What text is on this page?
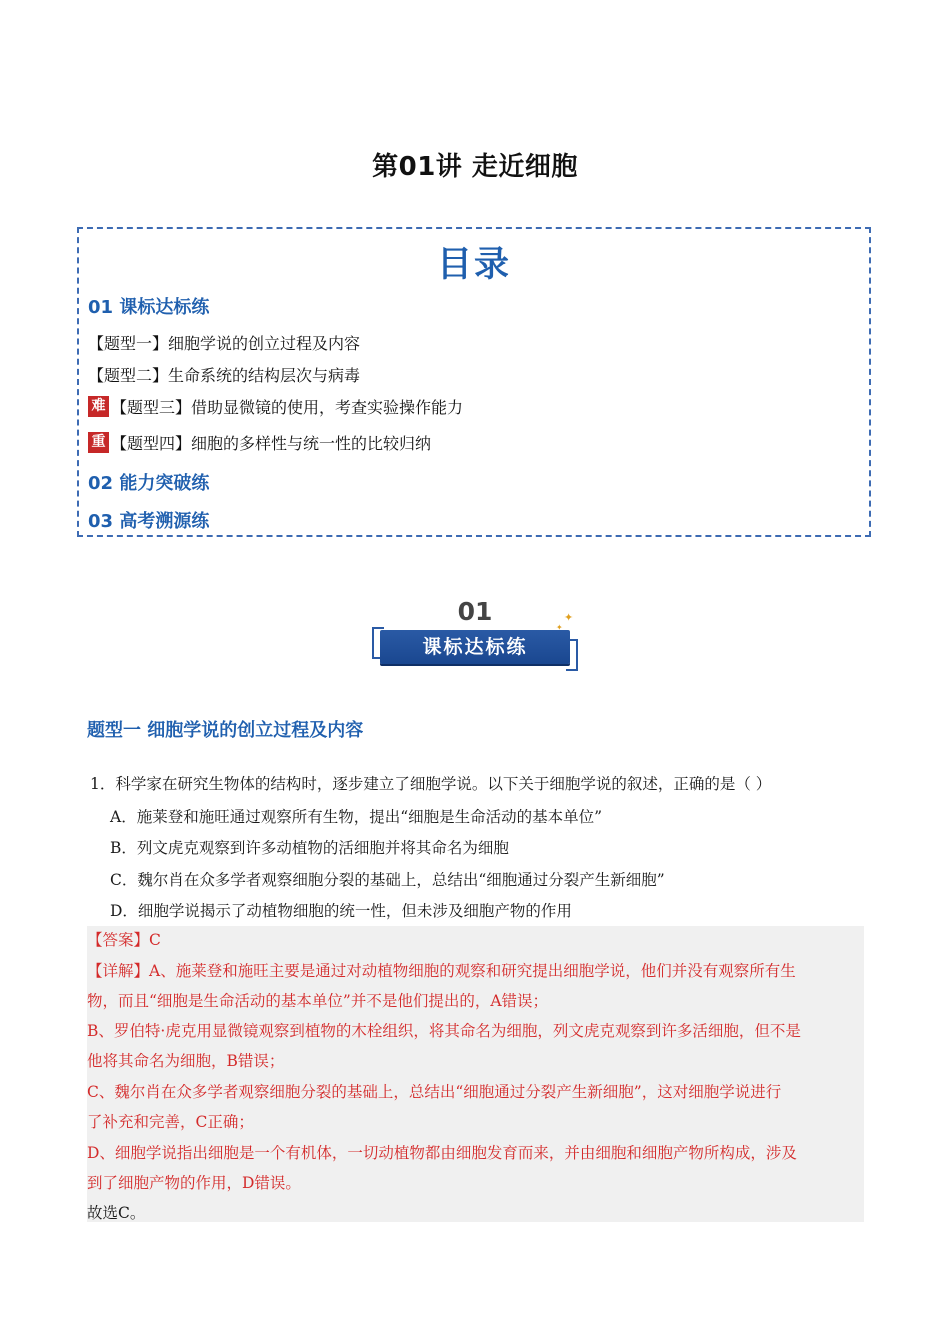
第01讲 走近细胞
目录
01 课标达标练
【题型一】细胞学说的创立过程及内容
【题型二】生命系统的结构层次与病毒
难 【题型三】借助显微镜的使用，考查实验操作能力
重 【题型四】细胞的多样性与统一性的比较归纳
02 能力突破练
03 高考溯源练
01
课标达标练
✦
✦
题型一 细胞学说的创立过程及内容
1．科学家在研究生物体的结构时，逐步建立了细胞学说。以下关于细胞学说的叙述，正确的是（ ）
A．施莱登和施旺通过观察所有生物，提出“细胞是生命活动的基本单位”
B．列文虎克观察到许多动植物的活细胞并将其命名为细胞
C．魏尔肖在众多学者观察细胞分裂的基础上，总结出“细胞通过分裂产生新细胞”
D．细胞学说揭示了动植物细胞的统一性，但未涉及细胞产物的作用
【答案】C
【详解】A、施莱登和施旺主要是通过对动植物细胞的观察和研究提出细胞学说，他们并没有观察所有生
物，而且“细胞是生命活动的基本单位”并不是他们提出的，A错误；
B、罗伯特·虎克用显微镜观察到植物的木栓组织，将其命名为细胞，列文虎克观察到许多活细胞，但不是
他将其命名为细胞，B错误；
C、魏尔肖在众多学者观察细胞分裂的基础上，总结出“细胞通过分裂产生新细胞”，这对细胞学说进行
了补充和完善，C正确；
D、细胞学说指出细胞是一个有机体，一切动植物都由细胞发育而来，并由细胞和细胞产物所构成，涉及
到了细胞产物的作用，D错误。
故选C。
